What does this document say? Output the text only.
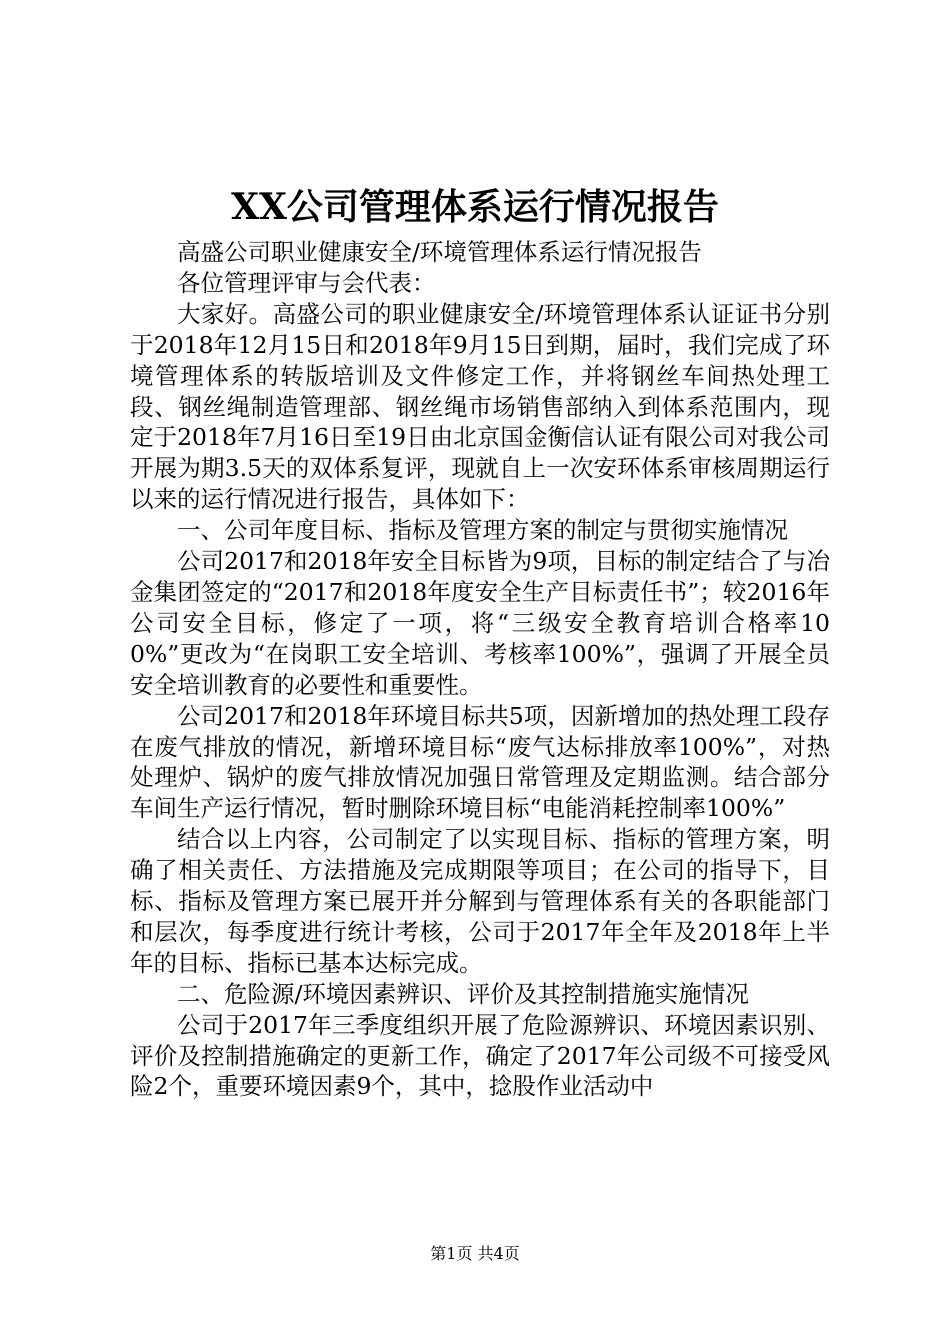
XX公司管理体系运行情况报告

高盛公司职业健康安全/环境管理体系运行情况报告

各位管理评审与会代表：

大家好。高盛公司的职业健康安全/环境管理体系认证证书分别于2018年12月15日和2018年9月15日到期，届时，我们完成了环境管理体系的转版培训及文件修定工作，并将钢丝车间热处理工段、钢丝绳制造管理部、钢丝绳市场销售部纳入到体系范围内，现定于2018年7月16日至19日由北京国金衡信认证有限公司对我公司开展为期3.5天的双体系复评，现就自上一次安环体系审核周期运行以来的运行情况进行报告，具体如下：

一、公司年度目标、指标及管理方案的制定与贯彻实施情况

公司2017和2018年安全目标皆为9项，目标的制定结合了与冶金集团签定的“2017和2018年度安全生产目标责任书”；较2016年公司安全目标，修定了一项，将“三级安全教育培训合格率100%”更改为“在岗职工安全培训、考核率100%”，强调了开展全员安全培训教育的必要性和重要性。

公司2017和2018年环境目标共5项，因新增加的热处理工段存在废气排放的情况，新增环境目标“废气达标排放率100%”，对热处理炉、锅炉的废气排放情况加强日常管理及定期监测。结合部分车间生产运行情况，暂时删除环境目标“电能消耗控制率100%”

结合以上内容，公司制定了以实现目标、指标的管理方案，明确了相关责任、方法措施及完成期限等项目；在公司的指导下，目标、指标及管理方案已展开并分解到与管理体系有关的各职能部门和层次，每季度进行统计考核，公司于2017年全年及2018年上半年的目标、指标已基本达标完成。

二、危险源/环境因素辨识、评价及其控制措施实施情况

公司于2017年三季度组织开展了危险源辨识、环境因素识别、评价及控制措施确定的更新工作，确定了2017年公司级不可接受风险2个，重要环境因素9个，其中，捻股作业活动中

第1页 共4页
